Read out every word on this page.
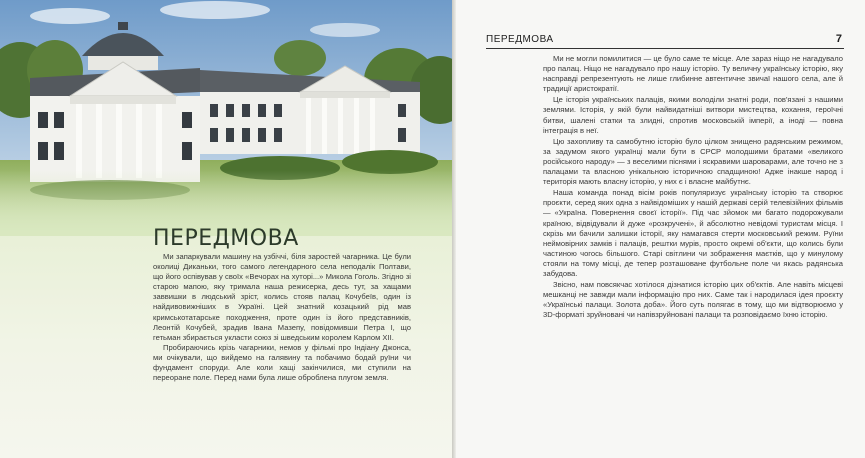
ПЕРЕДМОВА

Ми запаркували машину на узбіччі, біля заростей чагарника. Це були околиці Диканьки, того самого легендарного села неподалік Полтави, що його оспівував у своїх «Вечорах на хуторі...» Микола Гоголь. Згідно зі старою мапою, яку тримала наша режисерка, десь тут, за хащами заввишки в людський зріст, колись стояв палац Кочубеїв, один із найдивовижніших в Україні. Цей знатний козацький рід мав кримськотатарське походження, проте один із його представників, Леонтій Кочубей, зрадив Івана Мазепу, повідомивши Петра І, що гетьман збирається укласти союз зі шведським королем Карлом XII.

Пробираючись крізь чагарники, немов у фільмі про Індіану Джонса, ми очікували, що вийдемо на галявину та побачимо бодай руїни чи фундамент споруди. Але коли хащі закінчилися, ми ступили на переоране поле. Перед нами була лише оброблена плугом земля.

ПЕРЕДМОВА	7

Ми не могли помилитися — це було саме те місце. Але зараз ніщо не нагадувало про палац. Ніщо не нагадувало про нашу історію. Ту величну українську історію, яку насправді репрезентують не лише глибинне автентичне звичаї нашого села, але й традиції аристократії.

Це історія українських палаців, якими володіли знатні роди, пов'язані з нашими землями. Історія, у якій були найвидатніші витвори мистецтва, кохання, героїчні битви, шалені статки та злидні, спротив московській імперії, а іноді — повна інтеграція в неї.

Цю захопливу та самобутню історію було цілком знищено радянським режимом, за задумом якого українці мали бути в СРСР молодшими братами «великого російського народу» — з веселими піснями і яскравими шароварами, але точно не з палацами та власною унікальною історичною спадщиною! Адже інакше народ і територія мають власну історію, у них є і власне майбутнє.

Наша команда понад вісім років популяризує українську історію та створює проєкти, серед яких одна з найвідоміших у нашій державі серій телевізійних фільмів — «Україна. Повернення своєї історії». Під час зйомок ми багато подорожували країною, відвідували й дуже «розкручені», й абсолютно невідомі туристам місця. І скрізь ми бачили залишки історії, яку намагався стерти московський режим. Руїни неймовірних замків і палаців, рештки мурів, просто окремі об'єкти, що колись були частиною чогось більшого. Старі світлини чи зображення маєтків, що у минулому стояли на тому місці, де тепер розташоване футбольне поле чи якась радянська забудова.

Звісно, нам повсякчас хотілося дізнатися історію цих об'єктів. Але навіть місцеві мешканці не завжди мали інформацію про них. Саме так і народилася ідея проєкту «Українські палаци. Золота доба». Його суть полягає в тому, що ми відтворюємо у 3D-форматі зруйновані чи напівзруйновані палаци та розповідаємо їхню історію.
